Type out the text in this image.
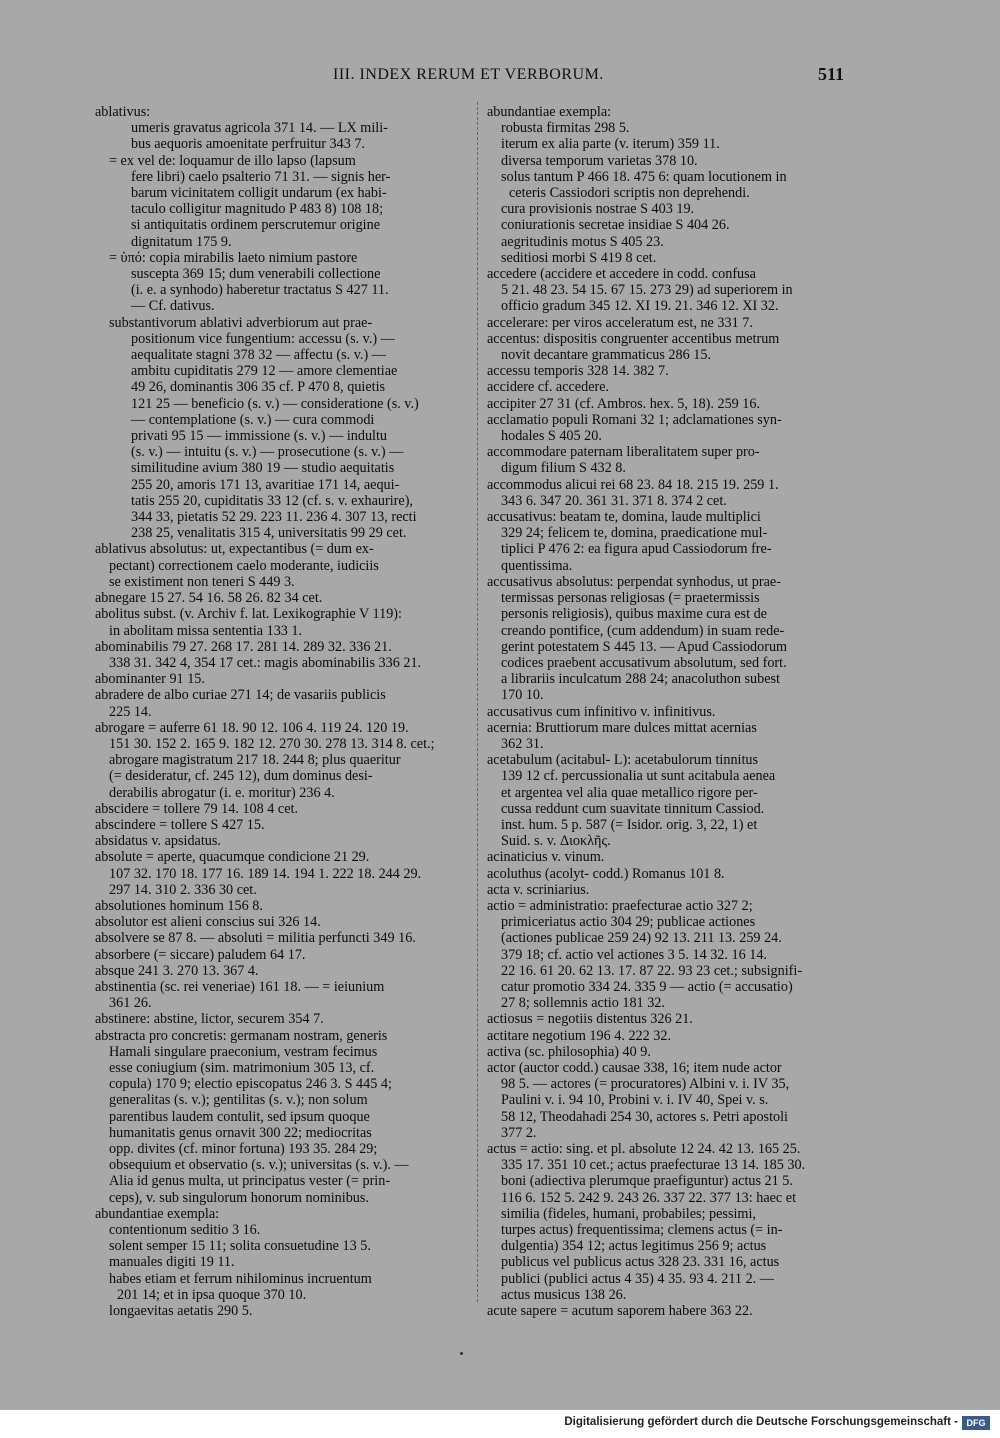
III. INDEX RERUM ET VERBORUM.	511
ablativus:
umeris gravatus agricola 371 14. — LX mili-
bus aequoris amoenitate perfruitur 343 7.
= ex vel de: loquamur de illo lapso (lapsum
fere libri) caelo psalterio 71 31. — signis her-
barum vicinitatem colligit undarum (ex habi-
taculo colligitur magnitudo P 483 8) 108 18;
si antiquitatis ordinem perscrutemur origine
dignitatum 175 9.
= ὑπό: copia mirabilis laeto nimium pastore
suscepta 369 15; dum venerabili collectione
(i. e. a synhodo) haberetur tractatus S 427 11.
— Cf. dativus.
substantivorum ablativi adverbiorum aut prae-
positionum vice fungentium: accessu (s. v.) —
aequalitate stagni 378 32 — affectu (s. v.) —
ambitu cupiditatis 279 12 — amore clementiae
49 26, dominantis 306 35 cf. P 470 8, quietis
121 25 — beneficio (s. v.) — consideratione (s. v.)
— contemplatione (s. v.) — cura commodi
privati 95 15 — immissione (s. v.) — indultu
(s. v.) — intuitu (s. v.) — prosecutione (s. v.) —
similitudine avium 380 19 — studio aequitatis
255 20, amoris 171 13, avaritiae 171 14, aequi-
tatis 255 20, cupiditatis 33 12 (cf. s. v. exhaurire),
344 33, pietatis 52 29. 223 11. 236 4. 307 13, recti
238 25, venalitatis 315 4, universitatis 99 29 cet.
ablativus absolutus: ut, expectantibus (= dum ex-
pectant) correctionem caelo moderante, iudiciis
se existiment non teneri S 449 3.
abnegare 15 27. 54 16. 58 26. 82 34 cet.
abolitus subst. (v. Archiv f. lat. Lexikographie V 119):
in abolitam missa sententia 133 1.
abominabilis 79 27. 268 17. 281 14. 289 32. 336 21.
338 31. 342 4, 354 17 cet.: magis abominabilis 336 21.
abominanter 91 15.
abradere de albo curiae 271 14; de vasariis publicis
225 14.
abrogare = auferre 61 18. 90 12. 106 4. 119 24. 120 19.
151 30. 152 2. 165 9. 182 12. 270 30. 278 13. 314 8. cet.;
abrogare magistratum 217 18. 244 8; plus quaeritur
(= desideratur, cf. 245 12), dum dominus desi-
derabilis abrogatur (i. e. moritur) 236 4.
abscidere = tollere 79 14. 108 4 cet.
abscindere = tollere S 427 15.
absidatus v. apsidatus.
absolute = aperte, quacumque condicione 21 29.
107 32. 170 18. 177 16. 189 14. 194 1. 222 18. 244 29.
297 14. 310 2. 336 30 cet.
absolutiones hominum 156 8.
absolutor est alieni conscius sui 326 14.
absolvere se 87 8. — absoluti = militia perfuncti 349 16.
absorbere (= siccare) paludem 64 17.
absque 241 3. 270 13. 367 4.
abstinentia (sc. rei veneriae) 161 18. — = ieiunium
361 26.
abstinere: abstine, lictor, securem 354 7.
abstracta pro concretis: germanam nostram, generis
Hamali singulare praeconium, vestram fecimus
esse coniugium (sim. matrimonium 305 13, cf.
copula) 170 9; electio episcopatus 246 3. S 445 4;
generalitas (s. v.); gentilitas (s. v.); non solum
parentibus laudem contulit, sed ipsum quoque
humanitatis genus ornavit 300 22; mediocritas
opp. divites (cf. minor fortuna) 193 35. 284 29;
obsequium et observatio (s. v.); universitas (s. v.). —
Alia id genus multa, ut principatus vester (= prin-
ceps), v. sub singulorum honorum nominibus.
abundantiae exempla:
contentionum seditio 3 16.
solent semper 15 11; solita consuetudine 13 5.
manuales digiti 19 11.
habes etiam et ferrum nihilominus incruentum
201 14; et in ipsa quoque 370 10.
longaevitas aetatis 290 5.
abundantiae exempla:
robusta firmitas 298 5.
iterum ex alia parte (v. iterum) 359 11.
diversa temporum varietas 378 10.
solus tantum P 466 18. 475 6: quam locutionem in
ceteris Cassiodori scriptis non deprehendi.
cura provisionis nostrae S 403 19.
coniurationis secretae insidiae S 404 26.
aegritudinis motus S 405 23.
seditiosi morbi S 419 8 cet.
accedere (accidere et accedere in codd. confusa
5 21. 48 23. 54 15. 67 15. 273 29) ad superiorem in
officio gradum 345 12. XI 19. 21. 346 12. XI 32.
accelerare: per viros acceleratum est, ne 331 7.
accentus: dispositis congruenter accentibus metrum
novit decantare grammaticus 286 15.
accessu temporis 328 14. 382 7.
accidere cf. accedere.
accipiter 27 31 (cf. Ambros. hex. 5, 18). 259 16.
acclamatio populi Romani 32 1; adclamationes syn-
hodales S 405 20.
accommodare paternam liberalitatem super pro-
digum filium S 432 8.
accommodus alicui rei 68 23. 84 18. 215 19. 259 1.
343 6. 347 20. 361 31. 371 8. 374 2 cet.
accusativus: beatam te, domina, laude multiplici
329 24; felicem te, domina, praedicatione mul-
tiplici P 476 2: ea figura apud Cassiodorum fre-
quentissima.
accusativus absolutus: perpendat synhodus, ut prae-
termissas personas religiosas (= praetermissis
personis religiosis), quibus maxime cura est de
creando pontifice, (cum addendum) in suam rede-
gerint potestatem S 445 13. — Apud Cassiodorum
codices praebent accusativum absolutum, sed fort.
a librariis inculcatum 288 24; anacoluthon subest
170 10.
accusativus cum infinitivo v. infinitivus.
acernia: Bruttiorum mare dulces mittat acernias
362 31.
acetabulum (acitabul- L): acetabulorum tinnitus
139 12 cf. percussionalia ut sunt acitabula aenea
et argentea vel alia quae metallico rigore per-
cussa reddunt cum suavitate tinnitum Cassiod.
inst. hum. 5 p. 587 (= Isidor. orig. 3, 22, 1) et
Suid. s. v. Διοκλῆς.
acinaticius v. vinum.
acoluthus (acolyt- codd.) Romanus 101 8.
acta v. scriniarius.
actio = administratio: praefecturae actio 327 2;
primiceriatus actio 304 29; publicae actiones
(actiones publicae 259 24) 92 13. 211 13. 259 24.
379 18; cf. actio vel actiones 3 5. 14 32. 16 14.
22 16. 61 20. 62 13. 17. 87 22. 93 23 cet.; subsignifi-
catur promotio 334 24. 335 9 — actio (= accusatio)
27 8; sollemnis actio 181 32.
actiosus = negotiis distentus 326 21.
actitare negotium 196 4. 222 32.
activa (sc. philosophia) 40 9.
actor (auctor codd.) causae 338, 16; item nude actor
98 5. — actores (= procuratores) Albini v. i. IV 35,
Paulini v. i. 94 10, Probini v. i. IV 40, Spei v. s.
58 12, Theodahadi 254 30, actores s. Petri apostoli
377 2.
actus = actio: sing. et pl. absolute 12 24. 42 13. 165 25.
335 17. 351 10 cet.; actus praefecturae 13 14. 185 30.
boni (adiectiva plerumque praefiguntur) actus 21 5.
116 6. 152 5. 242 9. 243 26. 337 22. 377 13: haec et
similia (fideles, humani, probabiles; pessimi,
turpes actus) frequentissima; clemens actus (= in-
dulgentia) 354 12; actus legitimus 256 9; actus
publicus vel publicus actus 328 23. 331 16, actus
publici (publici actus 4 35) 4 35. 93 4. 211 2. —
actus musicus 138 26.
acute sapere = acutum saporem habere 363 22.
Digitalisierung gefördert durch die Deutsche Forschungsgemeinschaft - DFG
